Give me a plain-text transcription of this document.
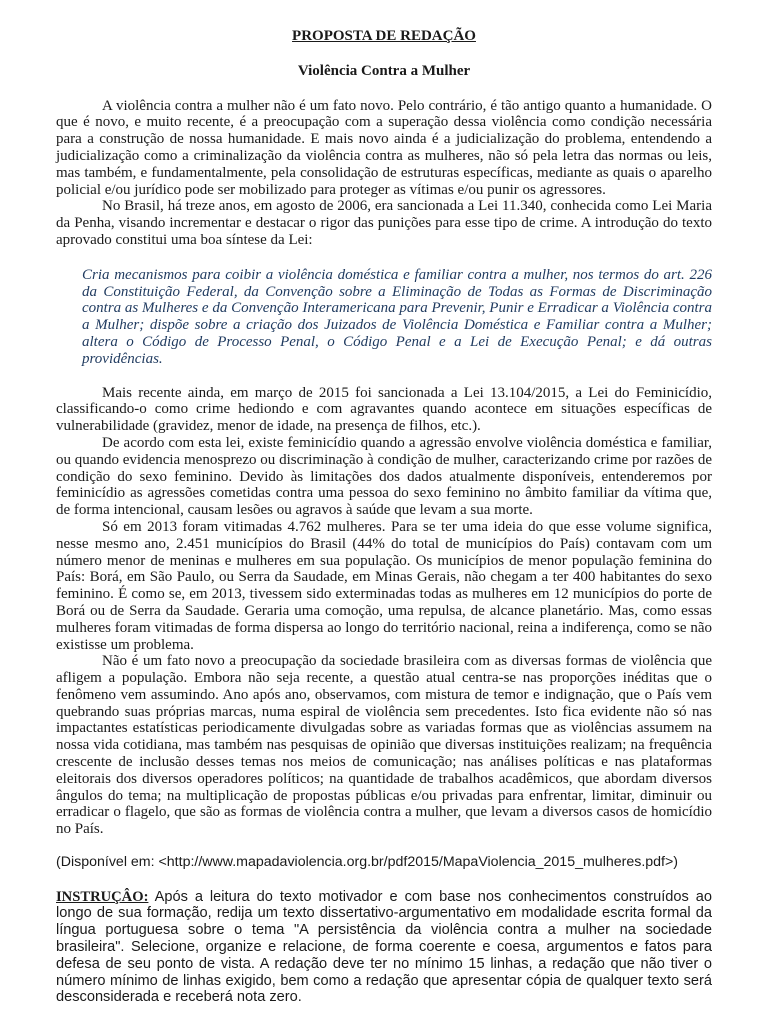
PROPOSTA DE REDAÇÃO

Violência Contra a Mulher

A violência contra a mulher não é um fato novo. Pelo contrário, é tão antigo quanto a humanidade. O que é novo, e muito recente, é a preocupação com a superação dessa violência como condição necessária para a construção de nossa humanidade. E mais novo ainda é a judicialização do problema, entendendo a judicialização como a criminalização da violência contra as mulheres, não só pela letra das normas ou leis, mas também, e fundamentalmente, pela consolidação de estruturas específicas, mediante as quais o aparelho policial e/ou jurídico pode ser mobilizado para proteger as vítimas e/ou punir os agressores.

No Brasil, há treze anos, em agosto de 2006, era sancionada a Lei 11.340, conhecida como Lei Maria da Penha, visando incrementar e destacar o rigor das punições para esse tipo de crime. A introdução do texto aprovado constitui uma boa síntese da Lei:

Cria mecanismos para coibir a violência doméstica e familiar contra a mulher, nos termos do art. 226 da Constituição Federal, da Convenção sobre a Eliminação de Todas as Formas de Discriminação contra as Mulheres e da Convenção Interamericana para Prevenir, Punir e Erradicar a Violência contra a Mulher; dispõe sobre a criação dos Juizados de Violência Doméstica e Familiar contra a Mulher; altera o Código de Processo Penal, o Código Penal e a Lei de Execução Penal; e dá outras providências.

Mais recente ainda, em março de 2015 foi sancionada a Lei 13.104/2015, a Lei do Feminicídio, classificando-o como crime hediondo e com agravantes quando acontece em situações específicas de vulnerabilidade (gravidez, menor de idade, na presença de filhos, etc.).

De acordo com esta lei, existe feminicídio quando a agressão envolve violência doméstica e familiar, ou quando evidencia menosprezo ou discriminação à condição de mulher, caracterizando crime por razões de condição do sexo feminino. Devido às limitações dos dados atualmente disponíveis, entenderemos por feminicídio as agressões cometidas contra uma pessoa do sexo feminino no âmbito familiar da vítima que, de forma intencional, causam lesões ou agravos à saúde que levam a sua morte.

Só em 2013 foram vitimadas 4.762 mulheres. Para se ter uma ideia do que esse volume significa, nesse mesmo ano, 2.451 municípios do Brasil (44% do total de municípios do País) contavam com um número menor de meninas e mulheres em sua população. Os municípios de menor população feminina do País: Borá, em São Paulo, ou Serra da Saudade, em Minas Gerais, não chegam a ter 400 habitantes do sexo feminino. É como se, em 2013, tivessem sido exterminadas todas as mulheres em 12 municípios do porte de Borá ou de Serra da Saudade. Geraria uma comoção, uma repulsa, de alcance planetário. Mas, como essas mulheres foram vitimadas de forma dispersa ao longo do território nacional, reina a indiferença, como se não existisse um problema.

Não é um fato novo a preocupação da sociedade brasileira com as diversas formas de violência que afligem a população. Embora não seja recente, a questão atual centra-se nas proporções inéditas que o fenômeno vem assumindo. Ano após ano, observamos, com mistura de temor e indignação, que o País vem quebrando suas próprias marcas, numa espiral de violência sem precedentes. Isto fica evidente não só nas impactantes estatísticas periodicamente divulgadas sobre as variadas formas que as violências assumem na nossa vida cotidiana, mas também nas pesquisas de opinião que diversas instituições realizam; na frequência crescente de inclusão desses temas nos meios de comunicação; nas análises políticas e nas plataformas eleitorais dos diversos operadores políticos; na quantidade de trabalhos acadêmicos, que abordam diversos ângulos do tema; na multiplicação de propostas públicas e/ou privadas para enfrentar, limitar, diminuir ou erradicar o flagelo, que são as formas de violência contra a mulher, que levam a diversos casos de homicídio no País.

(Disponível em: <http://www.mapadaviolencia.org.br/pdf2015/MapaViolencia_2015_mulheres.pdf>)

INSTRUÇÂO: Após a leitura do texto motivador e com base nos conhecimentos construídos ao longo de sua formação, redija um texto dissertativo-argumentativo em modalidade escrita formal da língua portuguesa sobre o tema "A persistência da violência contra a mulher na sociedade brasileira". Selecione, organize e relacione, de forma coerente e coesa, argumentos e fatos para defesa de seu ponto de vista. A redação deve ter no mínimo 15 linhas, a redação que não tiver o número mínimo de linhas exigido, bem como a redação que apresentar cópia de qualquer texto será desconsiderada e receberá nota zero.
